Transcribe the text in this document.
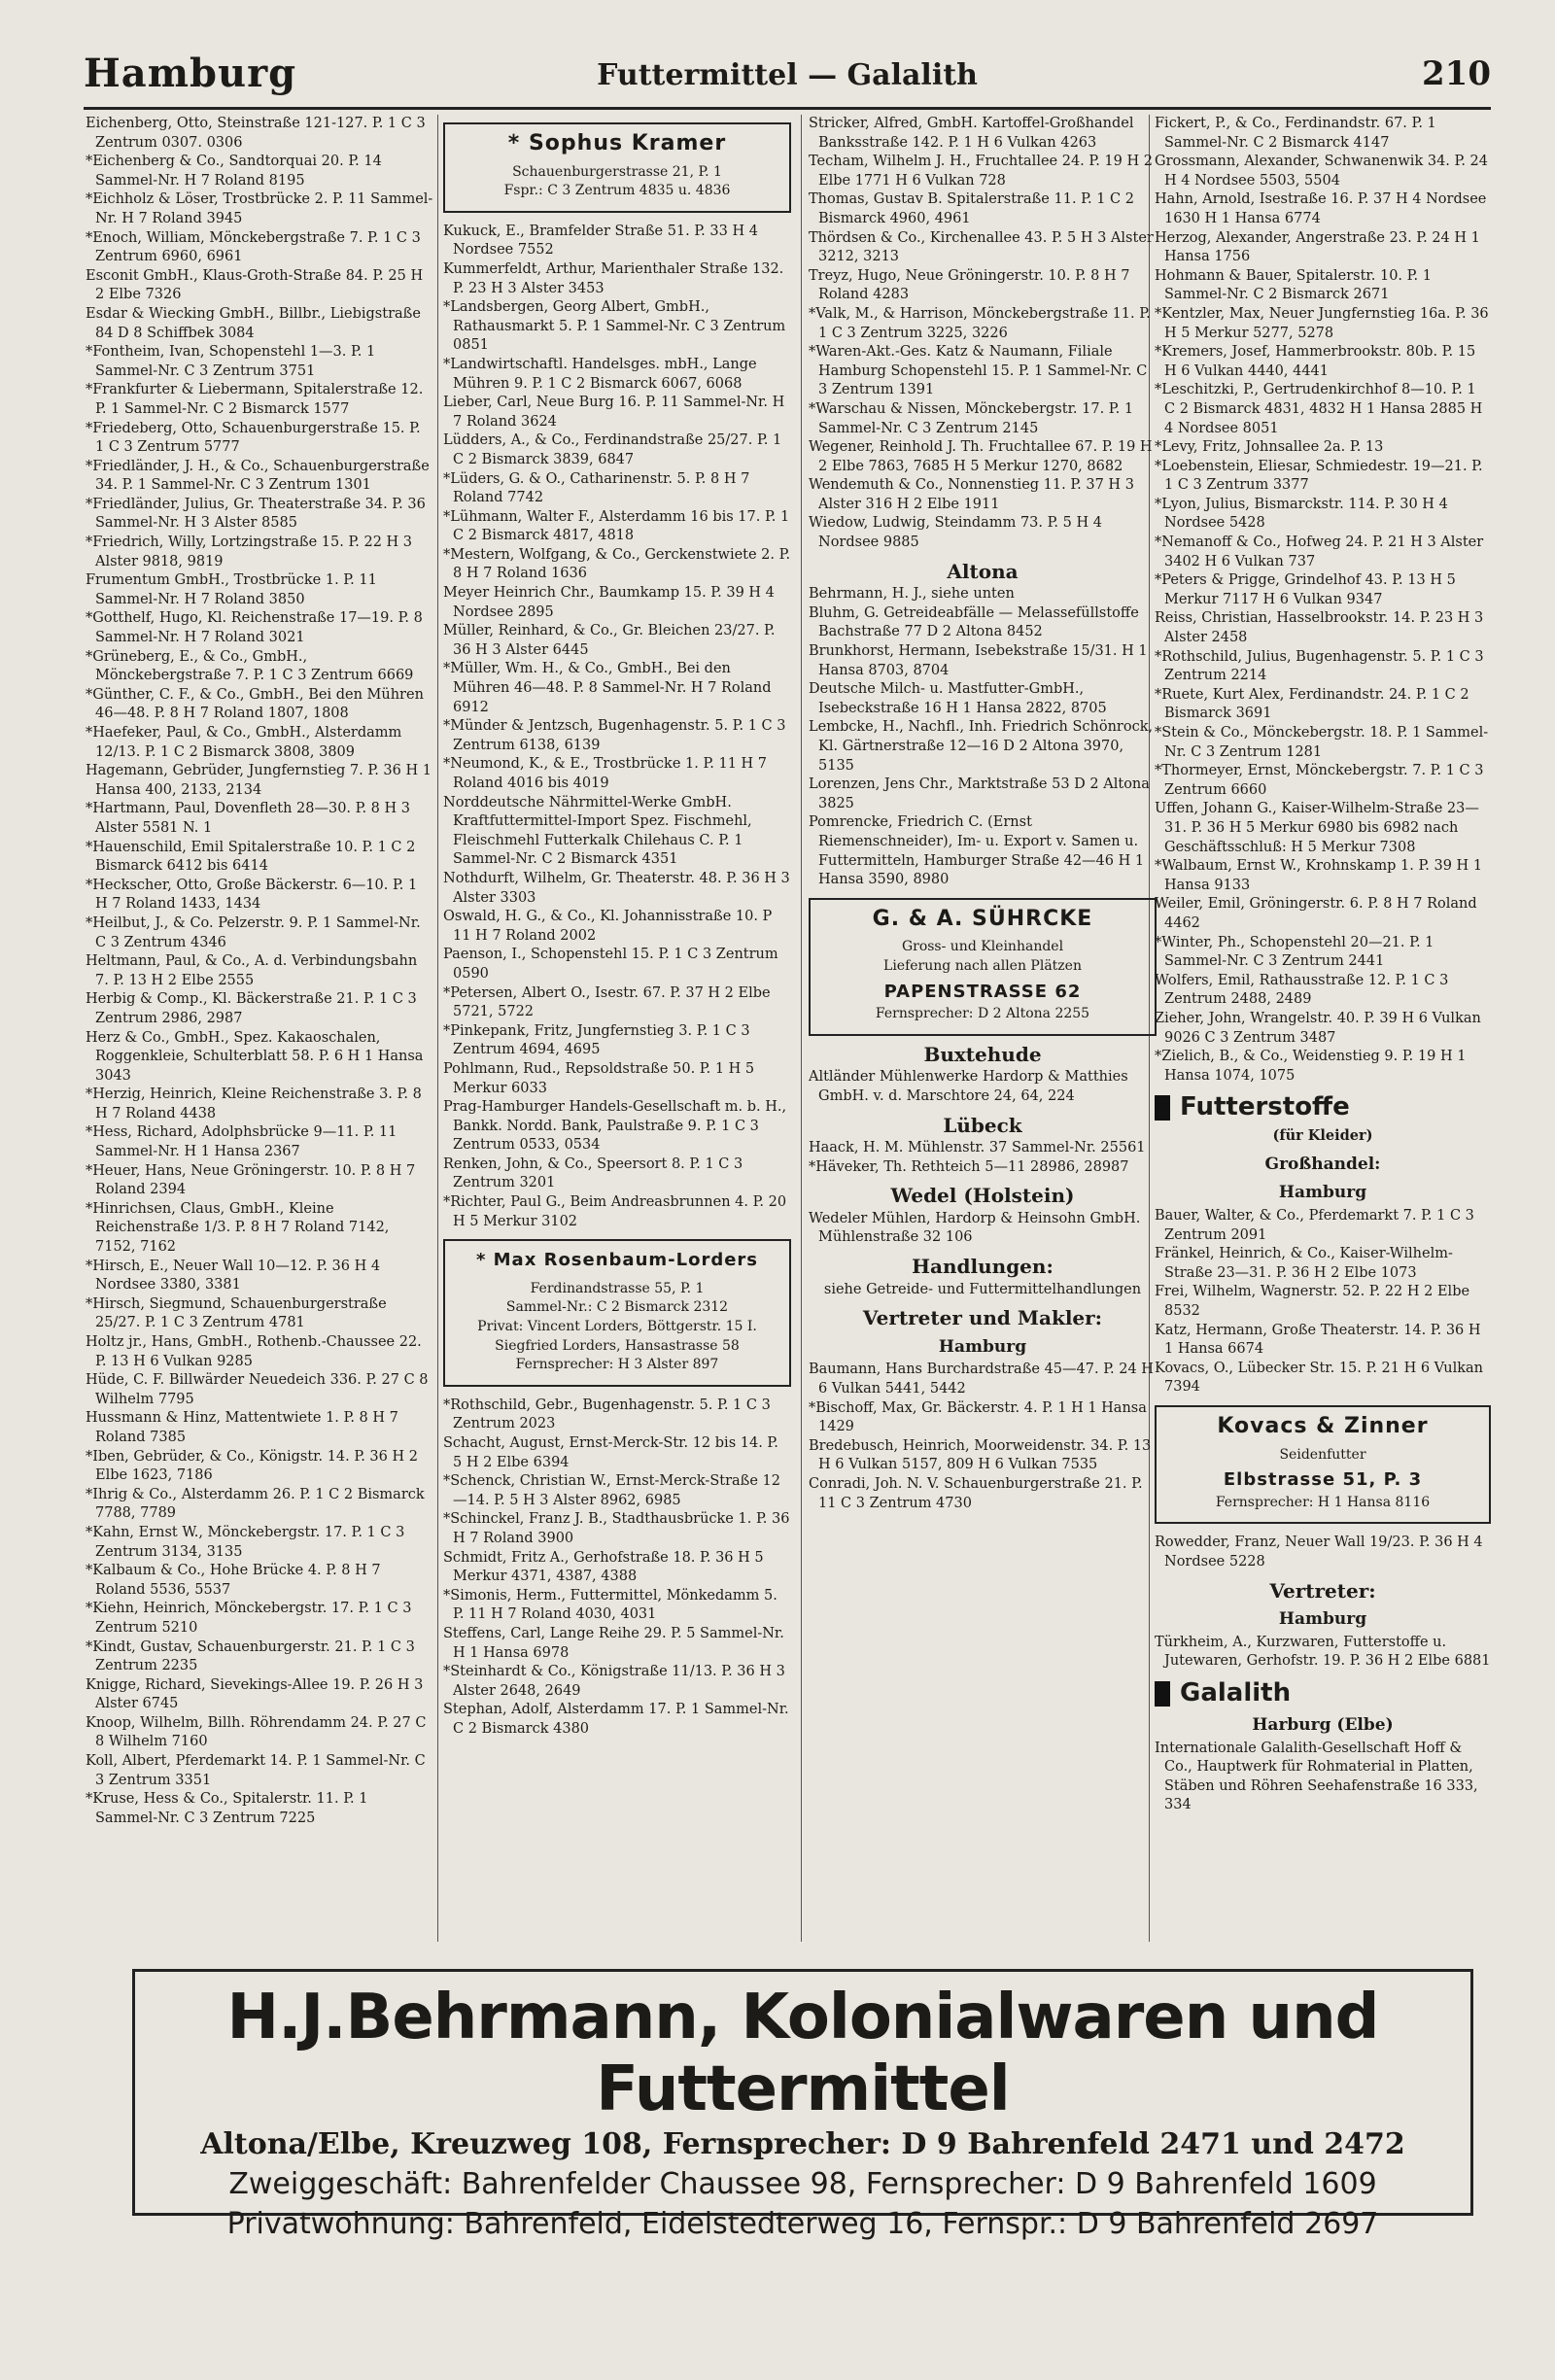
Hamburg	Futtermittel — Galalith	210

Eichenberg, Otto, Steinstraße 121-127. P. 1 C 3 Zentrum 0307. 0306

*Eichenberg & Co., Sandtorquai 20. P. 14 Sammel-Nr. H 7 Roland 8195

*Eichholz & Löser, Trostbrücke 2. P. 11 Sammel-Nr. H 7 Roland 3945

*Enoch, William, Mönckebergstraße 7. P. 1 C 3 Zentrum 6960, 6961

Esconit GmbH., Klaus-Groth-Straße 84. P. 25 H 2 Elbe 7326

Esdar & Wiecking GmbH., Billbr., Liebigstraße 84 D 8 Schiffbek 3084

*Fontheim, Ivan, Schopenstehl 1—3. P. 1 Sammel-Nr. C 3 Zentrum 3751

*Frankfurter & Liebermann, Spitalerstraße 12. P. 1 Sammel-Nr. C 2 Bismarck 1577

*Friedeberg, Otto, Schauenburgerstraße 15. P. 1 C 3 Zentrum 5777

*Friedländer, J. H., & Co., Schauenburgerstraße 34. P. 1 Sammel-Nr. C 3 Zentrum 1301

*Friedländer, Julius, Gr. Theaterstraße 34. P. 36 Sammel-Nr. H 3 Alster 8585

*Friedrich, Willy, Lortzingstraße 15. P. 22 H 3 Alster 9818, 9819

Frumentum GmbH., Trostbrücke 1. P. 11 Sammel-Nr. H 7 Roland 3850

*Gotthelf, Hugo, Kl. Reichenstraße 17—19. P. 8 Sammel-Nr. H 7 Roland 3021

*Grüneberg, E., & Co., GmbH., Mönckebergstraße 7. P. 1 C 3 Zentrum 6669

*Günther, C. F., & Co., GmbH., Bei den Mühren 46—48. P. 8 H 7 Roland 1807, 1808

*Haefeker, Paul, & Co., GmbH., Alsterdamm 12/13. P. 1 C 2 Bismarck 3808, 3809

Hagemann, Gebrüder, Jungfernstieg 7. P. 36 H 1 Hansa 400, 2133, 2134

*Hartmann, Paul, Dovenfleth 28—30. P. 8 H 3 Alster 5581 N. 1

*Hauenschild, Emil Spitalerstraße 10. P. 1 C 2 Bismarck 6412 bis 6414

*Heckscher, Otto, Große Bäckerstr. 6—10. P. 1 H 7 Roland 1433, 1434

*Heilbut, J., & Co. Pelzerstr. 9. P. 1 Sammel-Nr. C 3 Zentrum 4346

Heltmann, Paul, & Co., A. d. Verbindungsbahn 7. P. 13 H 2 Elbe 2555

Herbig & Comp., Kl. Bäckerstraße 21. P. 1 C 3 Zentrum 2986, 2987

Herz & Co., GmbH., Spez. Kakaoschalen, Roggenkleie, Schulterblatt 58. P. 6 H 1 Hansa 3043

*Herzig, Heinrich, Kleine Reichenstraße 3. P. 8 H 7 Roland 4438

*Hess, Richard, Adolphsbrücke 9—11. P. 11 Sammel-Nr. H 1 Hansa 2367

*Heuer, Hans, Neue Gröningerstr. 10. P. 8 H 7 Roland 2394

*Hinrichsen, Claus, GmbH., Kleine Reichenstraße 1/3. P. 8 H 7 Roland 7142, 7152, 7162

*Hirsch, E., Neuer Wall 10—12. P. 36 H 4 Nordsee 3380, 3381

*Hirsch, Siegmund, Schauenburgerstraße 25/27. P. 1 C 3 Zentrum 4781

Holtz jr., Hans, GmbH., Rothenb.-Chaussee 22. P. 13 H 6 Vulkan 9285

Hüde, C. F. Billwärder Neuedeich 336. P. 27 C 8 Wilhelm 7795

Hussmann & Hinz, Mattentwiete 1. P. 8 H 7 Roland 7385

*Iben, Gebrüder, & Co., Königstr. 14. P. 36 H 2 Elbe 1623, 7186

*Ihrig & Co., Alsterdamm 26. P. 1 C 2 Bismarck 7788, 7789

*Kahn, Ernst W., Mönckebergstr. 17. P. 1 C 3 Zentrum 3134, 3135

*Kalbaum & Co., Hohe Brücke 4. P. 8 H 7 Roland 5536, 5537

*Kiehn, Heinrich, Mönckebergstr. 17. P. 1 C 3 Zentrum 5210

*Kindt, Gustav, Schauenburgerstr. 21. P. 1 C 3 Zentrum 2235

Knigge, Richard, Sievekings-Allee 19. P. 26 H 3 Alster 6745

Knoop, Wilhelm, Billh. Röhrendamm 24. P. 27 C 8 Wilhelm 7160

Koll, Albert, Pferdemarkt 14. P. 1 Sammel-Nr. C 3 Zentrum 3351

*Kruse, Hess & Co., Spitalerstr. 11. P. 1 Sammel-Nr. C 3 Zentrum 7225

* Sophus Kramer
Schauenburgerstrasse 21, P. 1
Fspr.: C 3 Zentrum 4835 u. 4836

Kukuck, E., Bramfelder Straße 51. P. 33 H 4 Nordsee 7552

Kummerfeldt, Arthur, Marienthaler Straße 132. P. 23 H 3 Alster 3453

*Landsbergen, Georg Albert, GmbH., Rathausmarkt 5. P. 1 Sammel-Nr. C 3 Zentrum 0851

*Landwirtschaftl. Handelsges. mbH., Lange Mühren 9. P. 1 C 2 Bismarck 6067, 6068

Lieber, Carl, Neue Burg 16. P. 11 Sammel-Nr. H 7 Roland 3624

Lüdders, A., & Co., Ferdinandstraße 25/27. P. 1 C 2 Bismarck 3839, 6847

*Lüders, G. & O., Catharinenstr. 5. P. 8 H 7 Roland 7742

*Lühmann, Walter F., Alsterdamm 16 bis 17. P. 1 C 2 Bismarck 4817, 4818

*Mestern, Wolfgang, & Co., Gerckenstwiete 2. P. 8 H 7 Roland 1636

Meyer Heinrich Chr., Baumkamp 15. P. 39 H 4 Nordsee 2895

Müller, Reinhard, & Co., Gr. Bleichen 23/27. P. 36 H 3 Alster 6445

*Müller, Wm. H., & Co., GmbH., Bei den Mühren 46—48. P. 8 Sammel-Nr. H 7 Roland 6912

*Münder & Jentzsch, Bugenhagenstr. 5. P. 1 C 3 Zentrum 6138, 6139

*Neumond, K., & E., Trostbrücke 1. P. 11 H 7 Roland 4016 bis 4019

Norddeutsche Nährmittel-Werke GmbH. Kraftfuttermittel-Import Spez. Fischmehl, Fleischmehl Futterkalk Chilehaus C. P. 1 Sammel-Nr. C 2 Bismarck 4351

Nothdurft, Wilhelm, Gr. Theaterstr. 48. P. 36 H 3 Alster 3303

Oswald, H. G., & Co., Kl. Johannisstraße 10. P 11 H 7 Roland 2002

Paenson, I., Schopenstehl 15. P. 1 C 3 Zentrum 0590

*Petersen, Albert O., Isestr. 67. P. 37 H 2 Elbe 5721, 5722

*Pinkepank, Fritz, Jungfernstieg 3. P. 1 C 3 Zentrum 4694, 4695

Pohlmann, Rud., Repsoldstraße 50. P. 1 H 5 Merkur 6033

Prag-Hamburger Handels-Gesellschaft m. b. H., Bankk. Nordd. Bank, Paulstraße 9. P. 1 C 3 Zentrum 0533, 0534

Renken, John, & Co., Speersort 8. P. 1 C 3 Zentrum 3201

*Richter, Paul G., Beim Andreasbrunnen 4. P. 20 H 5 Merkur 3102

* Max Rosenbaum-Lorders
Ferdinandstrasse 55, P. 1
Sammel-Nr.: C 2 Bismarck 2312
Privat: Vincent Lorders, Böttgerstr. 15 I. Siegfried Lorders, Hansastrasse 58
Fernsprecher: H 3 Alster 897

*Rothschild, Gebr., Bugenhagenstr. 5. P. 1 C 3 Zentrum 2023

Schacht, August, Ernst-Merck-Str. 12 bis 14. P. 5 H 2 Elbe 6394

*Schenck, Christian W., Ernst-Merck-Straße 12—14. P. 5 H 3 Alster 8962, 6985

*Schinckel, Franz J. B., Stadthausbrücke 1. P. 36 H 7 Roland 3900

Schmidt, Fritz A., Gerhofstraße 18. P. 36 H 5 Merkur 4371, 4387, 4388

*Simonis, Herm., Futtermittel, Mönkedamm 5. P. 11 H 7 Roland 4030, 4031

Steffens, Carl, Lange Reihe 29. P. 5 Sammel-Nr. H 1 Hansa 6978

*Steinhardt & Co., Königstraße 11/13. P. 36 H 3 Alster 2648, 2649

Stephan, Adolf, Alsterdamm 17. P. 1 Sammel-Nr. C 2 Bismarck 4380

Stricker, Alfred, GmbH. Kartoffel-Großhandel Banksstraße 142. P. 1 H 6 Vulkan 4263

Techam, Wilhelm J. H., Fruchtallee 24. P. 19 H 2 Elbe 1771 H 6 Vulkan 728

Thomas, Gustav B. Spitalerstraße 11. P. 1 C 2 Bismarck 4960, 4961

Thördsen & Co., Kirchenallee 43. P. 5 H 3 Alster 3212, 3213

Treyz, Hugo, Neue Gröningerstr. 10. P. 8 H 7 Roland 4283

*Valk, M., & Harrison, Mönckebergstraße 11. P. 1 C 3 Zentrum 3225, 3226

*Waren-Akt.-Ges. Katz & Naumann, Filiale Hamburg Schopenstehl 15. P. 1 Sammel-Nr. C 3 Zentrum 1391

*Warschau & Nissen, Mönckebergstr. 17. P. 1 Sammel-Nr. C 3 Zentrum 2145

Wegener, Reinhold J. Th. Fruchtallee 67. P. 19 H 2 Elbe 7863, 7685 H 5 Merkur 1270, 8682

Wendemuth & Co., Nonnenstieg 11. P. 37 H 3 Alster 316 H 2 Elbe 1911

Wiedow, Ludwig, Steindamm 73. P. 5 H 4 Nordsee 9885

Altona

Behrmann, H. J., siehe unten

Bluhm, G. Getreideabfälle — Melassefüllstoffe Bachstraße 77 D 2 Altona 8452

Brunkhorst, Hermann, Isebekstraße 15/31. H 1 Hansa 8703, 8704

Deutsche Milch- u. Mastfutter-GmbH., Isebeckstraße 16 H 1 Hansa 2822, 8705

Lembcke, H., Nachfl., Inh. Friedrich Schönrock, Kl. Gärtnerstraße 12—16 D 2 Altona 3970, 5135

Lorenzen, Jens Chr., Marktstraße 53 D 2 Altona 3825

Pomrencke, Friedrich C. (Ernst Riemenschneider), Im- u. Export v. Samen u. Futtermitteln, Hamburger Straße 42—46 H 1 Hansa 3590, 8980

G. & A. SÜHRCKE
Gross- und Kleinhandel
Lieferung nach allen Plätzen
PAPENSTRASSE 62
Fernsprecher: D 2 Altona 2255
Buxtehude

Altländer Mühlenwerke Hardorp & Matthies GmbH. v. d. Marschtore 24, 64, 224

Lübeck

Haack, H. M. Mühlenstr. 37 Sammel-Nr. 25561

*Häveker, Th. Rethteich 5—11 28986, 28987

Wedel (Holstein)

Wedeler Mühlen, Hardorp & Heinsohn GmbH. Mühlenstraße 32 106

Handlungen:
siehe Getreide- und Futtermittelhandlungen
Vertreter und Makler:
Hamburg

Baumann, Hans Burchardstraße 45—47. P. 24 H 6 Vulkan 5441, 5442

*Bischoff, Max, Gr. Bäckerstr. 4. P. 1 H 1 Hansa 1429

Bredebusch, Heinrich, Moorweidenstr. 34. P. 13 H 6 Vulkan 5157, 809 H 6 Vulkan 7535

Conradi, Joh. N. V. Schauenburgerstraße 21. P. 11 C 3 Zentrum 4730

Fickert, P., & Co., Ferdinandstr. 67. P. 1 Sammel-Nr. C 2 Bismarck 4147

Grossmann, Alexander, Schwanenwik 34. P. 24 H 4 Nordsee 5503, 5504

Hahn, Arnold, Isestraße 16. P. 37 H 4 Nordsee 1630 H 1 Hansa 6774

Herzog, Alexander, Angerstraße 23. P. 24 H 1 Hansa 1756

Hohmann & Bauer, Spitalerstr. 10. P. 1 Sammel-Nr. C 2 Bismarck 2671

*Kentzler, Max, Neuer Jungfernstieg 16a. P. 36 H 5 Merkur 5277, 5278

*Kremers, Josef, Hammerbrookstr. 80b. P. 15 H 6 Vulkan 4440, 4441

*Leschitzki, P., Gertrudenkirchhof 8—10. P. 1 C 2 Bismarck 4831, 4832 H 1 Hansa 2885 H 4 Nordsee 8051

*Levy, Fritz, Johnsallee 2a. P. 13

*Loebenstein, Eliesar, Schmiedestr. 19—21. P. 1 C 3 Zentrum 3377

*Lyon, Julius, Bismarckstr. 114. P. 30 H 4 Nordsee 5428

*Nemanoff & Co., Hofweg 24. P. 21 H 3 Alster 3402 H 6 Vulkan 737

*Peters & Prigge, Grindelhof 43. P. 13 H 5 Merkur 7117 H 6 Vulkan 9347

Reiss, Christian, Hasselbrookstr. 14. P. 23 H 3 Alster 2458

*Rothschild, Julius, Bugenhagenstr. 5. P. 1 C 3 Zentrum 2214

*Ruete, Kurt Alex, Ferdinandstr. 24. P. 1 C 2 Bismarck 3691

*Stein & Co., Mönckebergstr. 18. P. 1 Sammel-Nr. C 3 Zentrum 1281

*Thormeyer, Ernst, Mönckebergstr. 7. P. 1 C 3 Zentrum 6660

Uffen, Johann G., Kaiser-Wilhelm-Straße 23—31. P. 36 H 5 Merkur 6980 bis 6982 nach Geschäftsschluß: H 5 Merkur 7308

*Walbaum, Ernst W., Krohnskamp 1. P. 39 H 1 Hansa 9133

Weiler, Emil, Gröningerstr. 6. P. 8 H 7 Roland 4462

*Winter, Ph., Schopenstehl 20—21. P. 1 Sammel-Nr. C 3 Zentrum 2441

Wolfers, Emil, Rathausstraße 12. P. 1 C 3 Zentrum 2488, 2489

Zieher, John, Wrangelstr. 40. P. 39 H 6 Vulkan 9026 C 3 Zentrum 3487

*Zielich, B., & Co., Weidenstieg 9. P. 19 H 1 Hansa 1074, 1075

Futterstoffe
(für Kleider)
Großhandel:
Hamburg

Bauer, Walter, & Co., Pferdemarkt 7. P. 1 C 3 Zentrum 2091

Fränkel, Heinrich, & Co., Kaiser-Wilhelm-Straße 23—31. P. 36 H 2 Elbe 1073

Frei, Wilhelm, Wagnerstr. 52. P. 22 H 2 Elbe 8532

Katz, Hermann, Große Theaterstr. 14. P. 36 H 1 Hansa 6674

Kovacs, O., Lübecker Str. 15. P. 21 H 6 Vulkan 7394

Kovacs & Zinner
Seidenfutter
Elbstrasse 51, P. 3
Fernsprecher: H 1 Hansa 8116

Rowedder, Franz, Neuer Wall 19/23. P. 36 H 4 Nordsee 5228

Vertreter:
Hamburg

Türkheim, A., Kurzwaren, Futterstoffe u. Jutewaren, Gerhofstr. 19. P. 36 H 2 Elbe 6881

Galalith
Harburg (Elbe)

Internationale Galalith-Gesellschaft Hoff & Co., Hauptwerk für Rohmaterial in Platten, Stäben und Röhren Seehafenstraße 16 333, 334

H.J.Behrmann, Kolonialwaren und Futtermittel
Altona/Elbe, Kreuzweg 108, Fernsprecher: D 9 Bahrenfeld 2471 und 2472
Zweiggeschäft: Bahrenfelder Chaussee 98, Fernsprecher: D 9 Bahrenfeld 1609
Privatwohnung: Bahrenfeld, Eidelstedterweg 16, Fernspr.: D 9 Bahrenfeld 2697
